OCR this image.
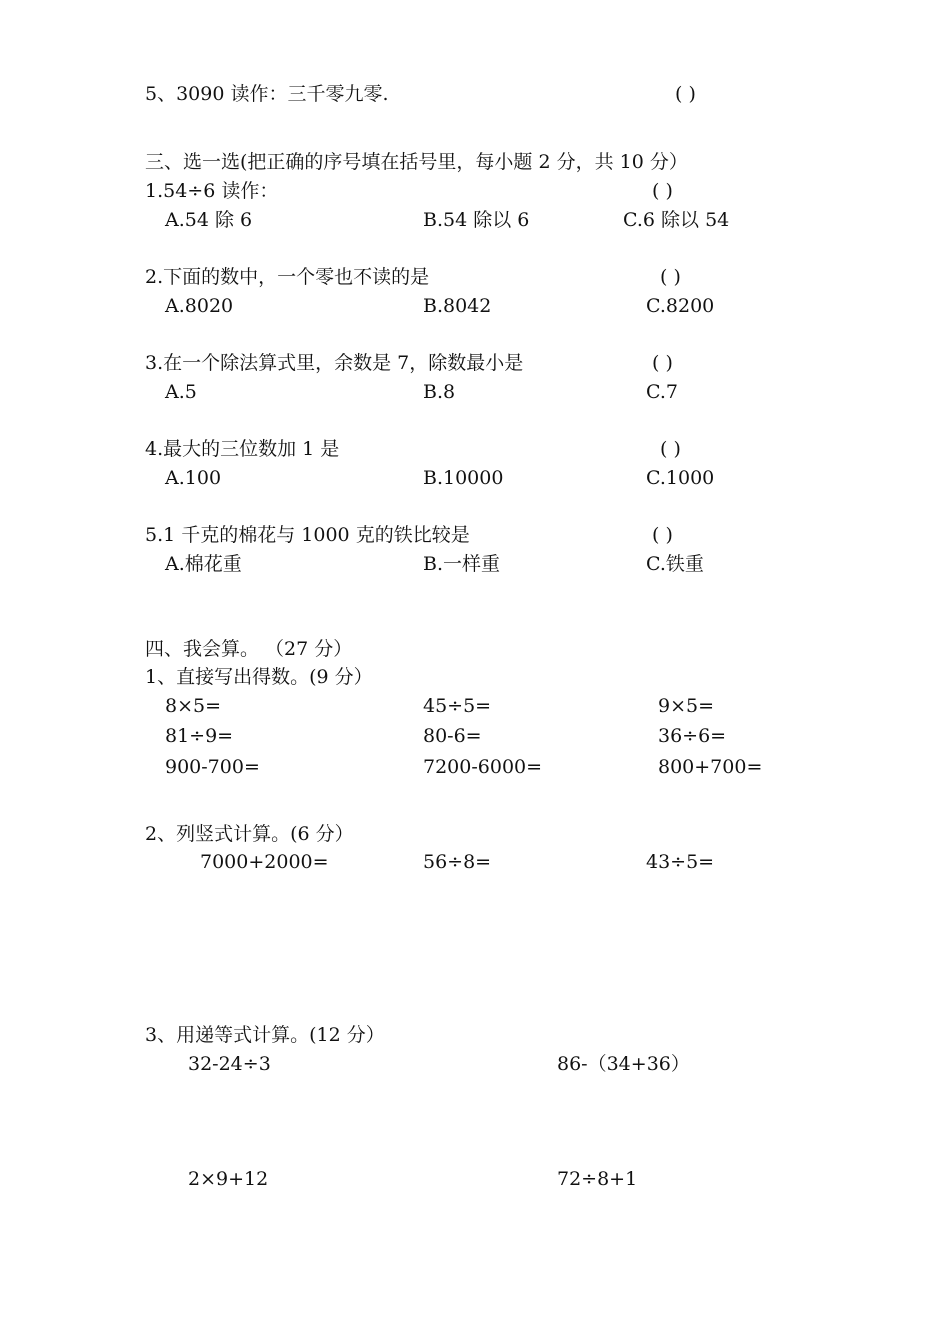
5、3090 读作：三千零九零.	( )
三、选一选(把正确的序号填在括号里，每小题 2 分，共 10 分）
1.54÷6 读作：	( )
A.54 除 6	B.54 除以 6	C.6 除以 54
2.下面的数中，一个零也不读的是	( )
A.8020	B.8042	C.8200
3.在一个除法算式里，余数是 7，除数最小是	( )
A.5	B.8	C.7
4.最大的三位数加 1 是	( )
A.100	B.10000	C.1000
5.1 千克的棉花与 1000 克的铁比较是	( )
A.棉花重	B.一样重	C.铁重
四、我会算。 （27 分）
1、直接写出得数。(9 分）
8×5=	45÷5=	9×5=
81÷9=	80-6=	36÷6=
900-700=	7200-6000=	800+700=
2、列竖式计算。(6 分）
7000+2000=	56÷8=	43÷5=
3、用递等式计算。(12 分）
32-24÷3	86-（34+36）
2×9+12	72÷8+1
